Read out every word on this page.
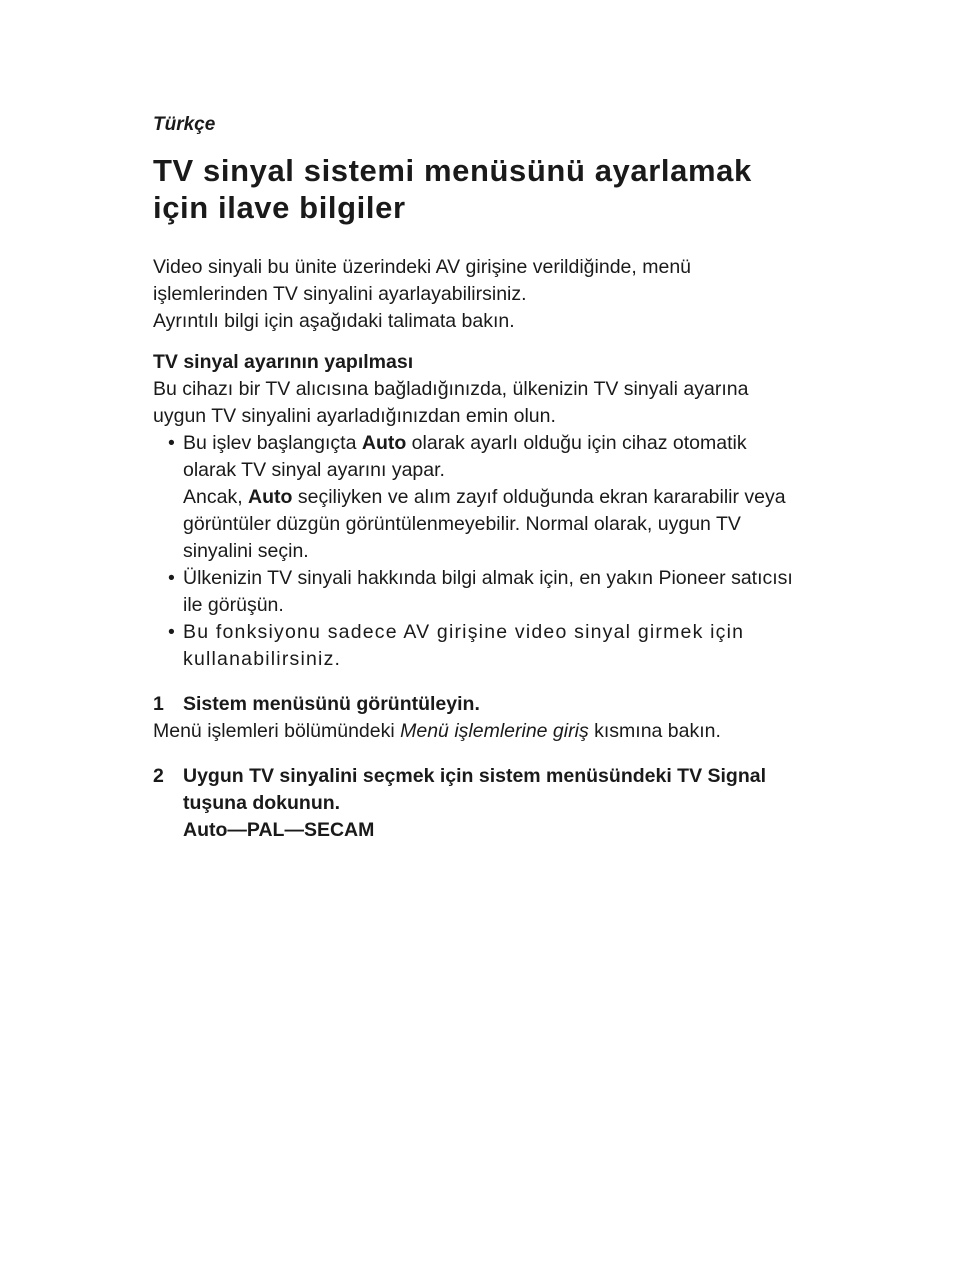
Türkçe

TV sinyal sistemi menüsünü ayarlamak için ilave bilgiler

Video sinyali bu ünite üzerindeki AV girişine verildiğinde, menü işlemlerinden TV sinyalini ayarlayabilirsiniz.

Ayrıntılı bilgi için aşağıdaki talimata bakın.

TV sinyal ayarının yapılması

Bu cihazı bir TV alıcısına bağladığınızda, ülkenizin TV sinyali ayarına uygun TV sinyalini ayarladığınızdan emin olun.

• Bu işlev başlangıçta Auto olarak ayarlı olduğu için cihaz otomatik olarak TV sinyal ayarını yapar.

Ancak, Auto seçiliyken ve alım zayıf olduğunda ekran kararabilir veya görüntüler düzgün görüntülenmeyebilir. Normal olarak, uygun TV sinyalini seçin.

• Ülkenizin TV sinyali hakkında bilgi almak için, en yakın Pioneer satıcısı ile görüşün.

• Bu fonksiyonu sadece AV girişine video sinyal girmek için kullanabilirsiniz.

1 Sistem menüsünü görüntüleyin.

Menü işlemleri bölümündeki Menü işlemlerine giriş kısmına bakın.

2 Uygun TV sinyalini seçmek için sistem menüsündeki TV Signal tuşuna dokunun.
Auto—PAL—SECAM
